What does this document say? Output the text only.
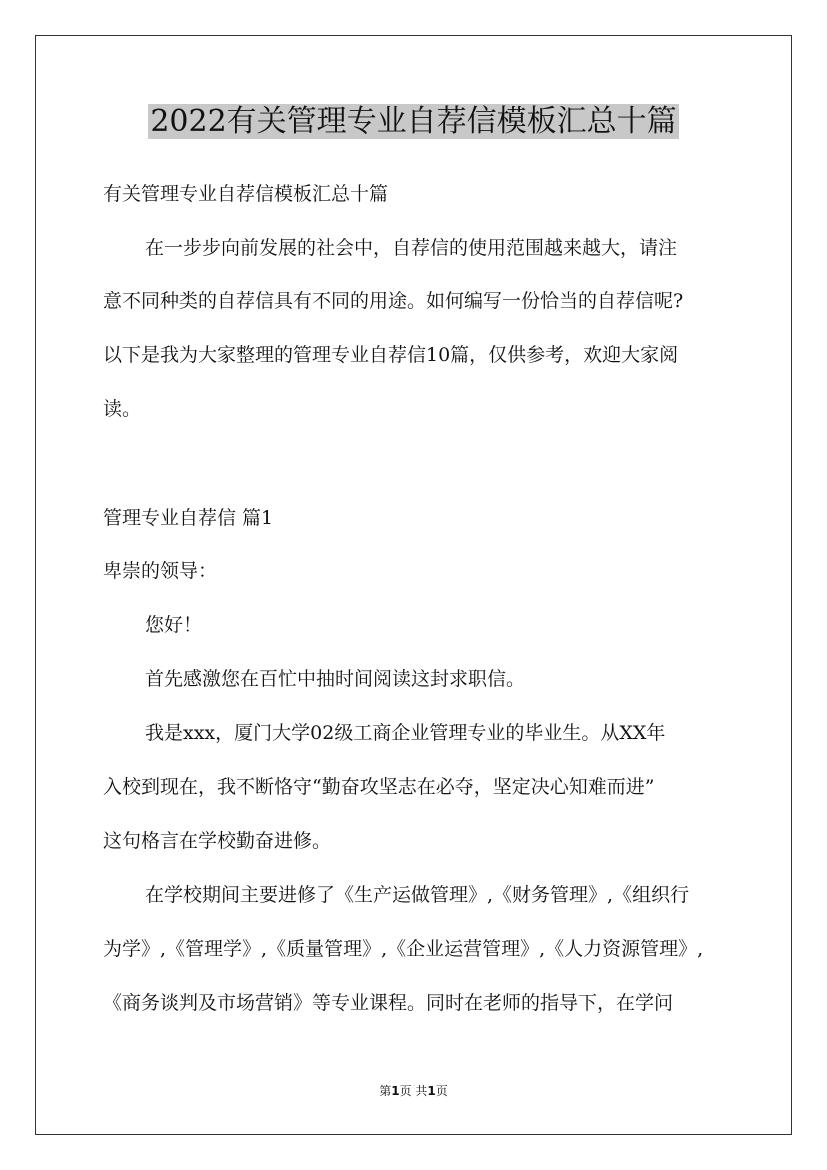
2022有关管理专业自荐信模板汇总十篇
有关管理专业自荐信模板汇总十篇
在一步步向前发展的社会中，自荐信的使用范围越来越大，请注
意不同种类的自荐信具有不同的用途。如何编写一份恰当的自荐信呢?
以下是我为大家整理的管理专业自荐信10篇，仅供参考，欢迎大家阅
读。
管理专业自荐信 篇1
卑崇的领导：
您好！
首先感激您在百忙中抽时间阅读这封求职信。
我是xxx，厦门大学02级工商企业管理专业的毕业生。从XX年
入校到现在，我不断恪守“勤奋攻坚志在必夺，坚定决心知难而进”
这句格言在学校勤奋进修。
在学校期间主要进修了《生产运做管理》,《财务管理》,《组织行
为学》,《管理学》,《质量管理》,《企业运营管理》,《人力资源管理》,
《商务谈判及市场营销》等专业课程。同时在老师的指导下，在学问
第1页 共1页
